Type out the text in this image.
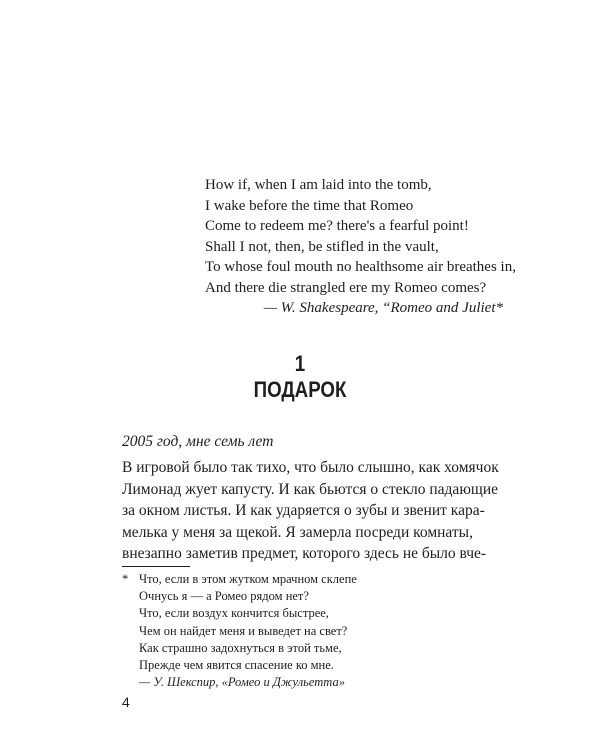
How if, when I am laid into the tomb,
I wake before the time that Romeo
Come to redeem me? there's a fearful point!
Shall I not, then, be stifled in the vault,
To whose foul mouth no healthsome air breathes in,
And there die strangled ere my Romeo comes?
— W. Shakespeare, “Romeo and Juliet*
1
ПОДАРОК
2005 год, мне семь лет
В игровой было так тихо, что было слышно, как хомячок
Лимонад жует капусту. И как бьются о стекло падающие
за окном листья. И как ударяется о зубы и звенит кара-
мелька у меня за щекой. Я замерла посреди комнаты,
внезапно заметив предмет, которого здесь не было вче-
* Что, если в этом жутком мрачном склепе
Очнусь я — а Ромео рядом нет?
Что, если воздух кончится быстрее,
Чем он найдет меня и выведет на свет?
Как страшно задохнуться в этой тьме,
Прежде чем явится спасение ко мне.
— У. Шекспир, «Ромео и Джульетта»
4
